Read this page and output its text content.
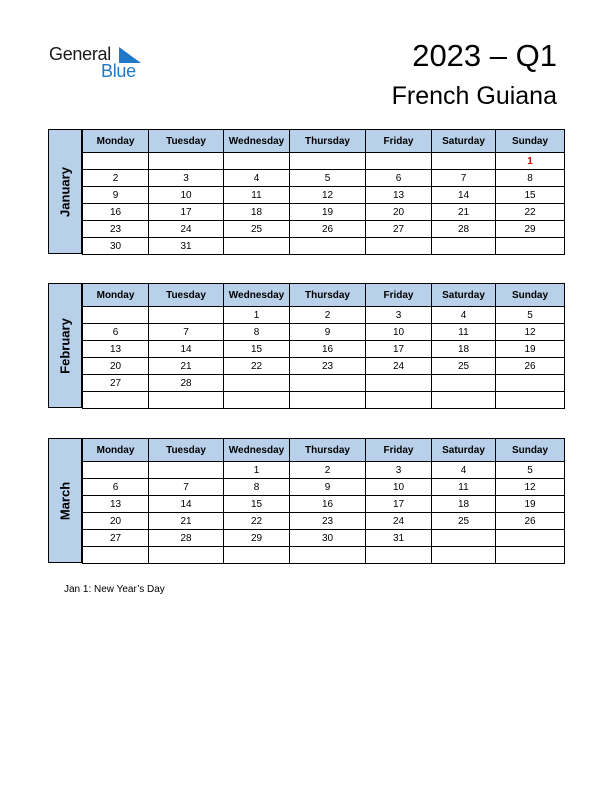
General
Blue	2023 – Q1
French Guiana
January
Monday	Tuesday	Wednesday	Thursday	Friday	Saturday	Sunday
						1
2	3	4	5	6	7	8
9	10	11	12	13	14	15
16	17	18	19	20	21	22
23	24	25	26	27	28	29
30	31					
February
Monday	Tuesday	Wednesday	Thursday	Friday	Saturday	Sunday
		1	2	3	4	5
6	7	8	9	10	11	12
13	14	15	16	17	18	19
20	21	22	23	24	25	26
27	28					

March
Monday	Tuesday	Wednesday	Thursday	Friday	Saturday	Sunday
		1	2	3	4	5
6	7	8	9	10	11	12
13	14	15	16	17	18	19
20	21	22	23	24	25	26
27	28	29	30	31		

Jan 1: New Year’s Day
